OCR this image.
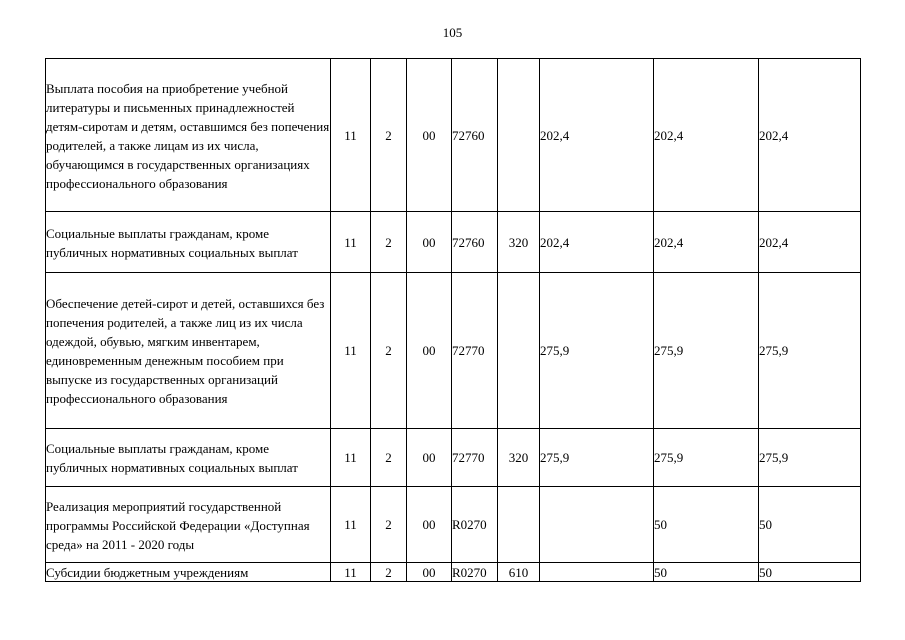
105
Выплата пособия на приобретение учебной литературы и письменных принадлежностей детям-сиротам и детям, оставшимся без попечения родителей, а также лицам из их числа, обучающимся в государственных организациях профессионального образования	11	2	00	72760		202,4	202,4	202,4

Социальные выплаты гражданам, кроме публичных нормативных социальных выплат	11	2	00	72760	320	202,4	202,4	202,4

Обеспечение детей-сирот и детей, оставшихся без попечения родителей, а также лиц из их числа одеждой, обувью, мягким инвентарем, единовременным денежным пособием при выпуске из государственных организаций профессионального образования	11	2	00	72770		275,9	275,9	275,9

Социальные выплаты гражданам, кроме публичных нормативных социальных выплат	11	2	00	72770	320	275,9	275,9	275,9

Реализация мероприятий государственной программы Российской Федерации «Доступная среда» на 2011 - 2020 годы	11	2	00	R0270			50	50

Субсидии бюджетным учреждениям	11	2	00	R0270	610		50	50
